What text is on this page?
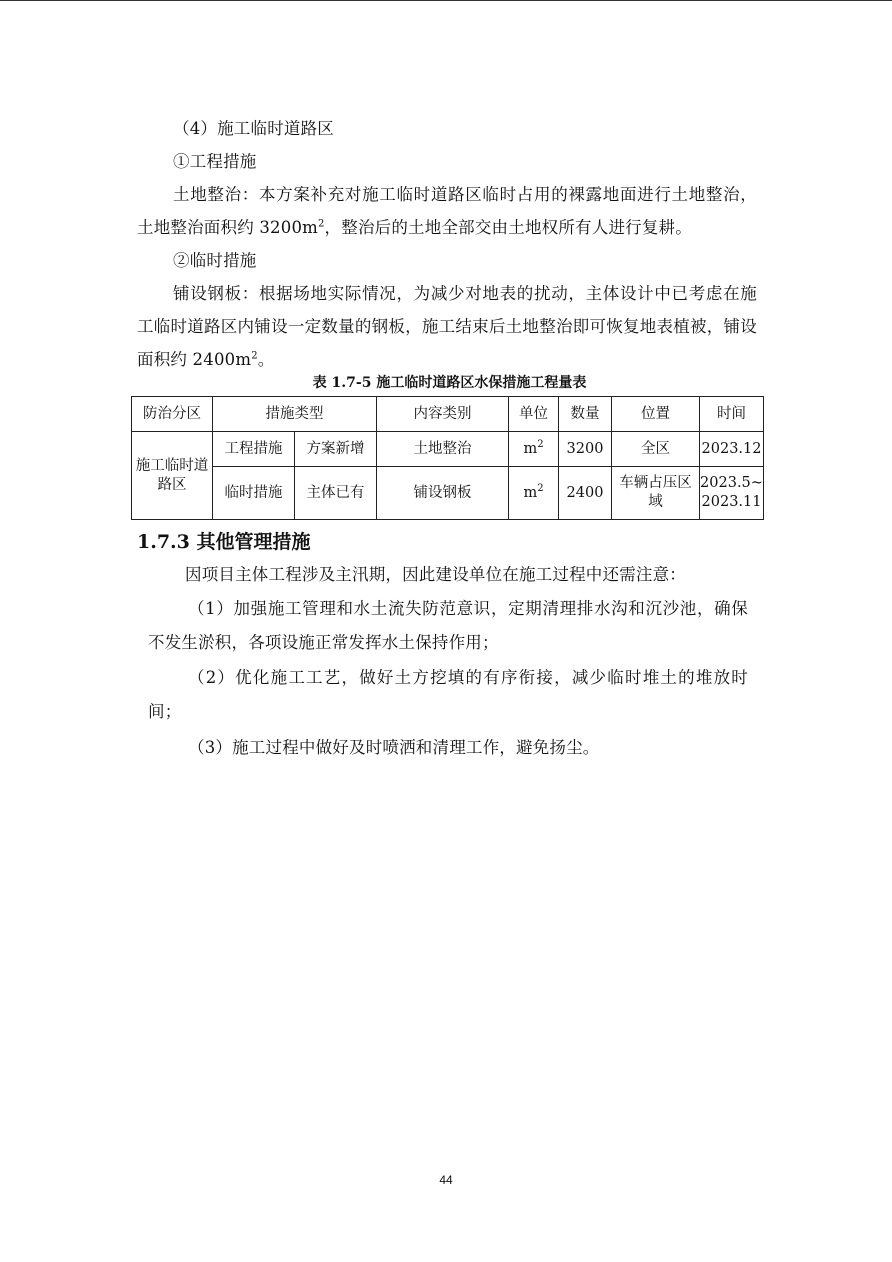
（4）施工临时道路区

①工程措施

土地整治：本方案补充对施工临时道路区临时占用的裸露地面进行土地整治，土地整治面积约 $3200m^2$，整治后的土地全部交由土地权所有人进行复耕。

②临时措施

铺设钢板：根据场地实际情况，为减少对地表的扰动，主体设计中已考虑在施工临时道路区内铺设一定数量的钢板，施工结束后土地整治即可恢复地表植被，铺设面积约 $2400m^2$。

表 1.7-5 施工临时道路区水保措施工程量表
防治分区	措施类型		内容类别	单位	数量	位置	时间
施工临时道路区	工程措施	方案新增	土地整治	$m^2$	3200	全区	2023.12
	临时措施	主体已有	铺设钢板	$m^2$	2400	车辆占压区域	2023.5~2023.11
1.7.3 其他管理措施

因项目主体工程涉及主汛期，因此建设单位在施工过程中还需注意：

（1）加强施工管理和水土流失防范意识，定期清理排水沟和沉沙池，确保不发生淤积，各项设施正常发挥水土保持作用；

（2）优化施工工艺，做好土方挖填的有序衔接，减少临时堆土的堆放时间；

（3）施工过程中做好及时喷洒和清理工作，避免扬尘。

44
